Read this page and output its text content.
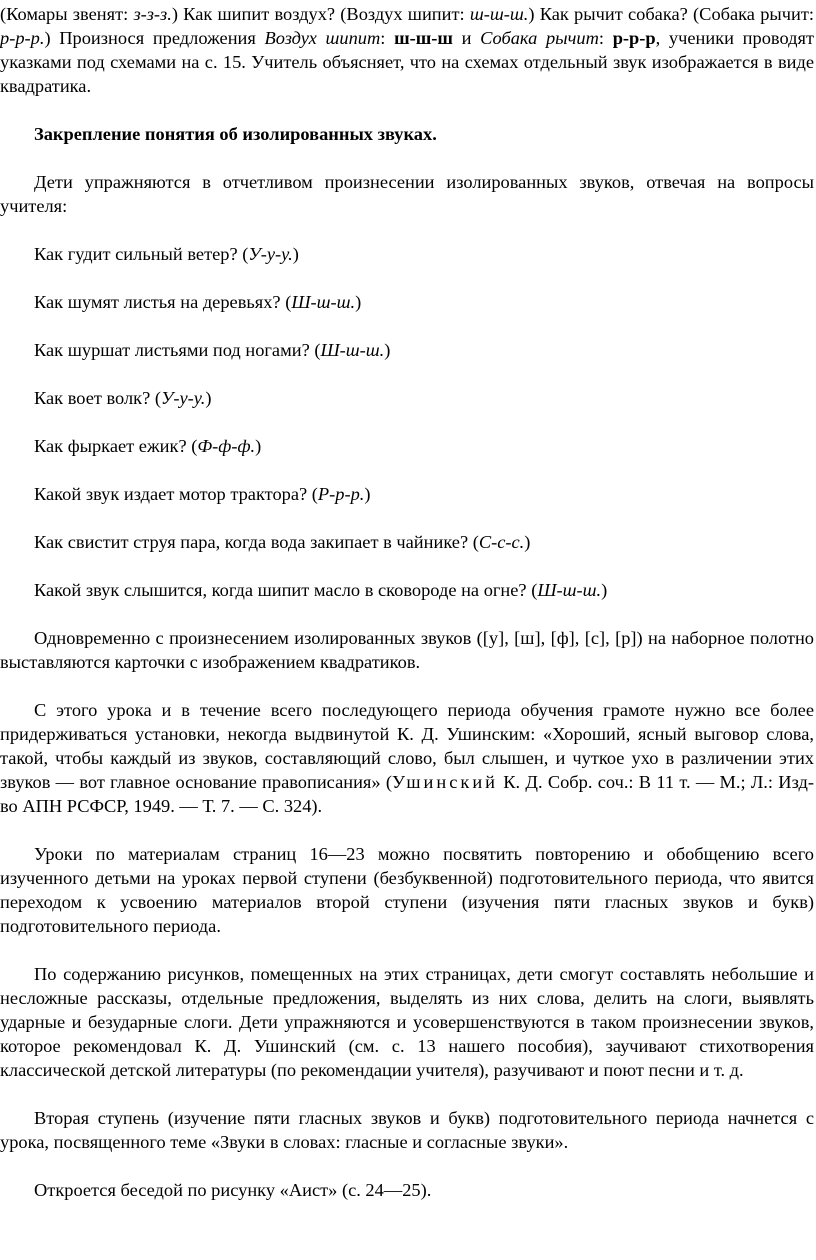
(Комары звенят: з-з-з.) Как шипит воздух? (Воздух шипит: ш-ш-ш.) Как рычит собака? (Собака рычит: р-р-р.) Произнося предложения Воздух шипит: ш-ш-ш и Собака рычит: р-р-р, ученики проводят указками под схемами на с. 15. Учитель объясняет, что на схемах отдельный звук изображается в виде квадратика.

Закрепление понятия об изолированных звуках.

Дети упражняются в отчетливом произнесении изолированных звуков, отвечая на вопросы учителя:

Как гудит сильный ветер? (У-у-у.)

Как шумят листья на деревьях? (Ш-ш-ш.)

Как шуршат листьями под ногами? (Ш-ш-ш.)

Как воет волк? (У-у-у.)

Как фыркает ежик? (Ф-ф-ф.)

Какой звук издает мотор трактора? (Р-р-р.)

Как свистит струя пара, когда вода закипает в чайнике? (С-с-с.)

Какой звук слышится, когда шипит масло в сковороде на огне? (Ш-ш-ш.)

Одновременно с произнесением изолированных звуков ([у], [ш], [ф], [с], [р]) на наборное полотно выставляются карточки с изображением квадратиков.

С этого урока и в течение всего последующего периода обучения грамоте нужно все более придерживаться установки, некогда выдвинутой К. Д. Ушинским: «Хороший, ясный выговор слова, такой, чтобы каждый из звуков, составляющий слово, был слышен, и чуткое ухо в различении этих звуков — вот главное основание правописания» (Ушинский К. Д. Собр. соч.: В 11 т. — М.; Л.: Изд-во АПН РСФСР, 1949. — Т. 7. — С. 324).

Уроки по материалам страниц 16—23 можно посвятить повторению и обобщению всего изученного детьми на уроках первой ступени (безбуквенной) подготовительного периода, что явится переходом к усвоению материалов второй ступени (изучения пяти гласных звуков и букв) подготовительного периода.

По содержанию рисунков, помещенных на этих страницах, дети смогут составлять небольшие и несложные рассказы, отдельные предложения, выделять из них слова, делить на слоги, выявлять ударные и безударные слоги. Дети упражняются и усовершенствуются в таком произнесении звуков, которое рекомендовал К. Д. Ушинский (см. с. 13 нашего пособия), заучивают стихотворения классической детской литературы (по рекомендации учителя), разучивают и поют песни и т. д.

Вторая ступень (изучение пяти гласных звуков и букв) подготовительного периода начнется с урока, посвященного теме «Звуки в словах: гласные и согласные звуки».

Откроется беседой по рисунку «Аист» (с. 24—25).
